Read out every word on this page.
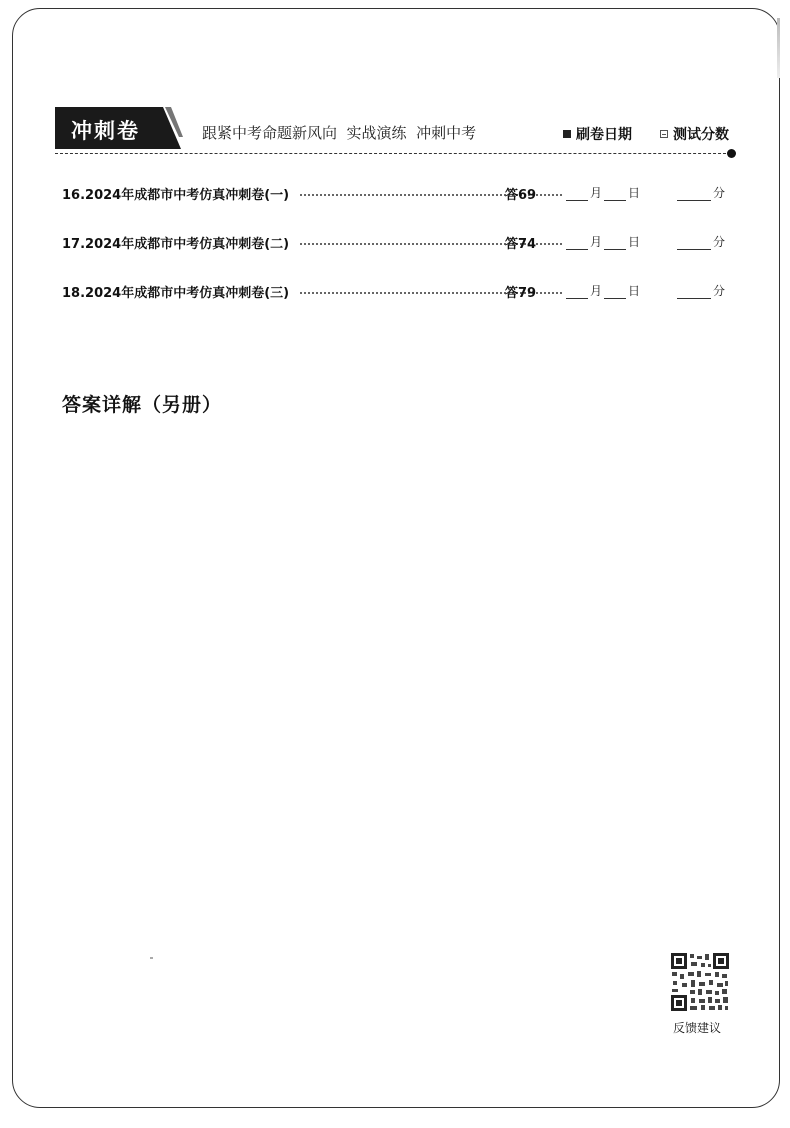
冲刺卷	跟紧中考命题新风向  实战演练  冲刺中考	刷卷日期	测试分数
16.2024年成都市中考仿真冲刺卷(一)	答69	月 日	分
17.2024年成都市中考仿真冲刺卷(二)	答74	月 日	分
18.2024年成都市中考仿真冲刺卷(三)	答79	月 日	分
答案详解（另册）
反馈建议
